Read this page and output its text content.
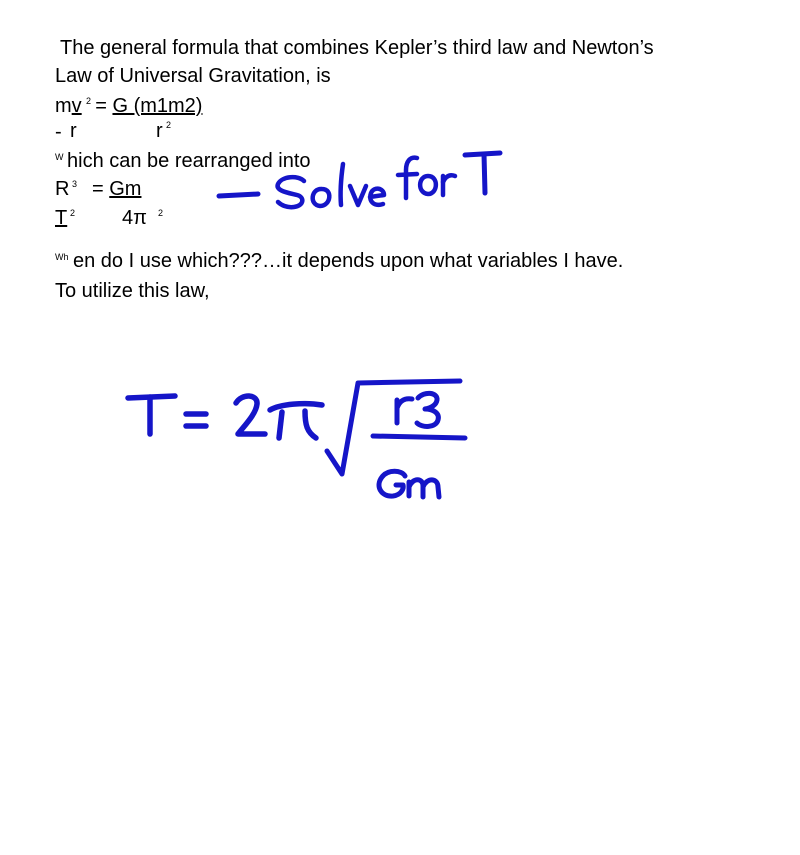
The general formula that combines Kepler’s third law and Newton’s
Law of Universal Gravitation, is
mv = G (m1m2)
2
- r	r 2
W hich can be rearranged into
R 3 = Gm
T 2 4π 2
Wh en do I use which???…it depends upon what variables I have.
To utilize this law,
